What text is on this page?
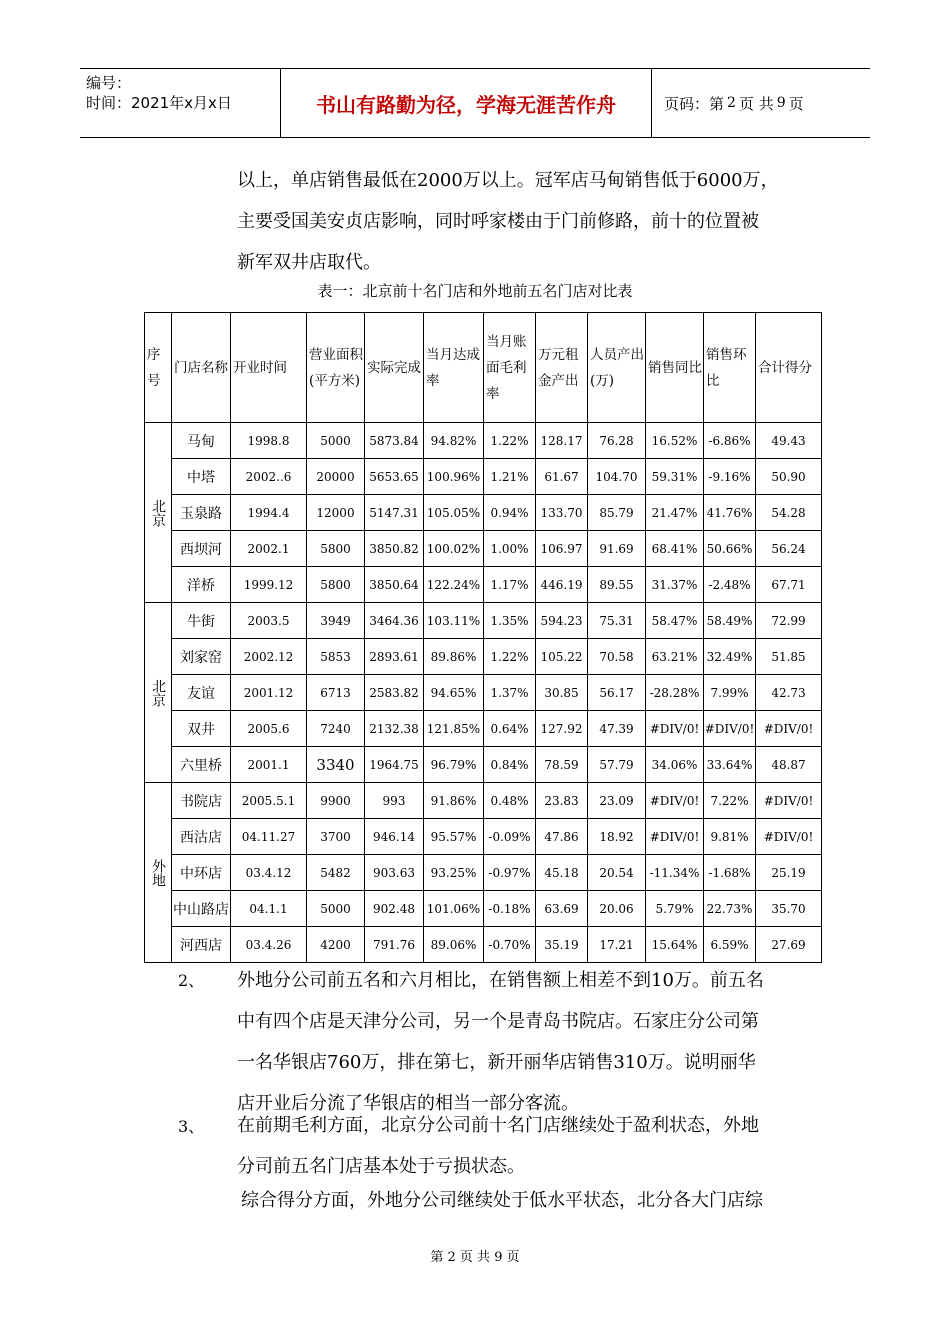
编号：
时间：2021年x月x日	书山有路勤为径，学海无涯苦作舟	页码：第 2 页 共 9 页

以上，单店销售最低在2000万以上。冠军店马甸销售低于6000万，
主要受国美安贞店影响，同时呼家楼由于门前修路，前十的位置被
新军双井店取代。

表一：北京前十名门店和外地前五名门店对比表
序号	门店名称	开业时间	营业面积(平方米)	实际完成	当月达成率	当月账面毛利率	万元租金产出	人员产出(万)	销售同比	销售环比	合计得分
北京	马甸	1998.8	5000	5873.84	94.82%	1.22%	128.17	76.28	16.52%	-6.86%	49.43
	中塔	2002..6	20000	5653.65	100.96%	1.21%	61.67	104.70	59.31%	-9.16%	50.90
	玉泉路	1994.4	12000	5147.31	105.05%	0.94%	133.70	85.79	21.47%	41.76%	54.28
	西坝河	2002.1	5800	3850.82	100.02%	1.00%	106.97	91.69	68.41%	50.66%	56.24
	洋桥	1999.12	5800	3850.64	122.24%	1.17%	446.19	89.55	31.37%	-2.48%	67.71
北京	牛街	2003.5	3949	3464.36	103.11%	1.35%	594.23	75.31	58.47%	58.49%	72.99
	刘家窑	2002.12	5853	2893.61	89.86%	1.22%	105.22	70.58	63.21%	32.49%	51.85
	友谊	2001.12	6713	2583.82	94.65%	1.37%	30.85	56.17	-28.28%	7.99%	42.73
	双井	2005.6	7240	2132.38	121.85%	0.64%	127.92	47.39	#DIV/0!	#DIV/0!	#DIV/0!
	六里桥	2001.1	3340	1964.75	96.79%	0.84%	78.59	57.79	34.06%	33.64%	48.87
外地	书院店	2005.5.1	9900	993	91.86%	0.48%	23.83	23.09	#DIV/0!	7.22%	#DIV/0!
	西沽店	04.11.27	3700	946.14	95.57%	-0.09%	47.86	18.92	#DIV/0!	9.81%	#DIV/0!
	中环店	03.4.12	5482	903.63	93.25%	-0.97%	45.18	20.54	-11.34%	-1.68%	25.19
	中山路店	04.1.1	5000	902.48	101.06%	-0.18%	63.69	20.06	5.79%	22.73%	35.70
	河西店	03.4.26	4200	791.76	89.06%	-0.70%	35.19	17.21	15.64%	6.59%	27.69
2、 外地分公司前五名和六月相比，在销售额上相差不到10万。前五名
中有四个店是天津分公司，另一个是青岛书院店。石家庄分公司第
一名华银店760万，排在第七，新开丽华店销售310万。说明丽华
店开业后分流了华银店的相当一部分客流。

3、 在前期毛利方面，北京分公司前十名门店继续处于盈利状态，外地
分司前五名门店基本处于亏损状态。

综合得分方面，外地分公司继续处于低水平状态，北分各大门店综

第 2 页 共 9 页
